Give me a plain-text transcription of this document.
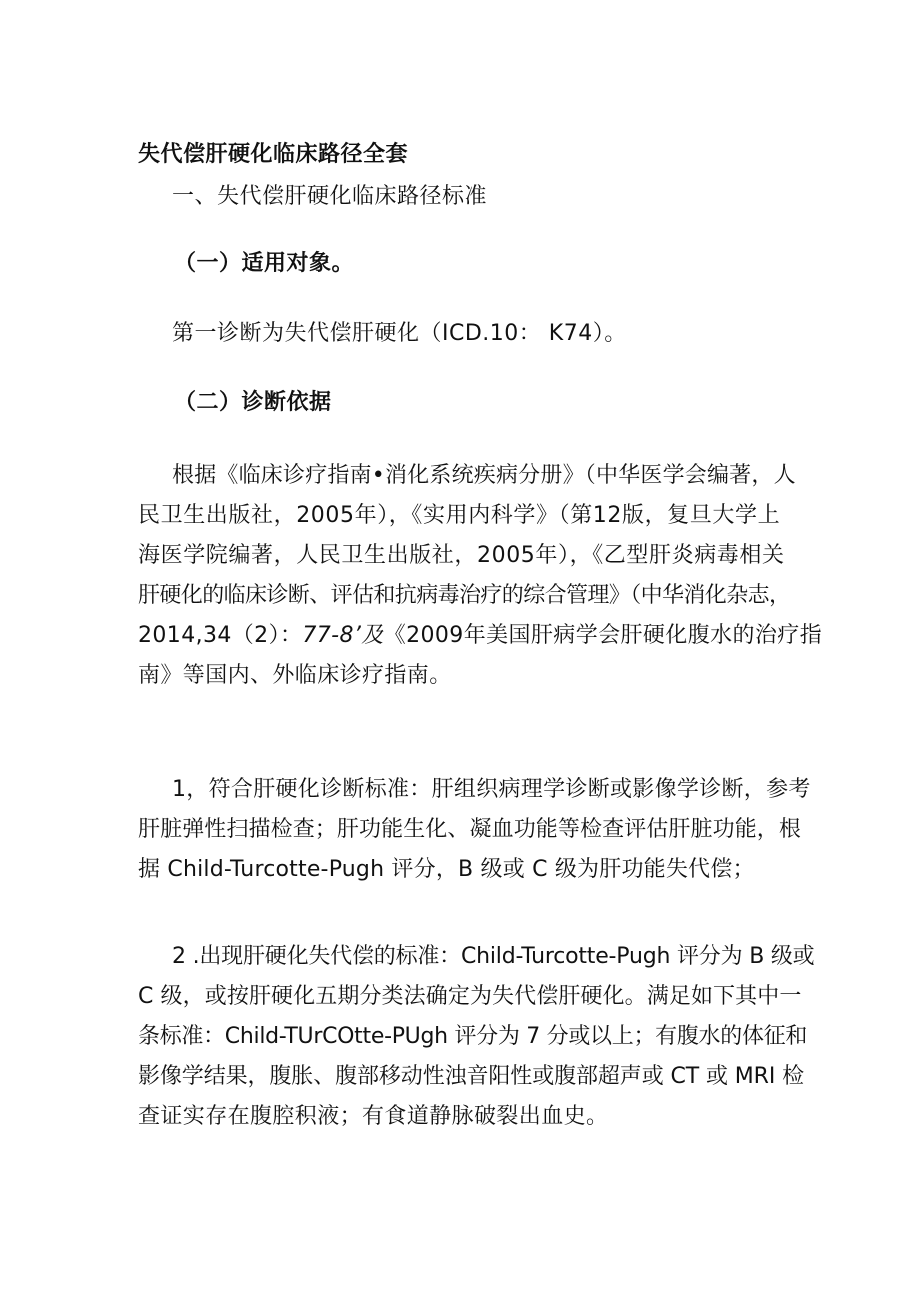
失代偿肝硬化临床路径全套
一、失代偿肝硬化临床路径标准
（一）适用对象。
第一诊断为失代偿肝硬化（ICD.10： K74）。
（二）诊断依据
根据《临床诊疗指南•消化系统疾病分册》（中华医学会编著，人
民卫生出版社，2005年），《实用内科学》（第12版，复旦大学上
海医学院编著，人民卫生出版社，2005年），《乙型肝炎病毒相关
肝硬化的临床诊断、评估和抗病毒治疗的综合管理》（中华消化杂志，
2014,34（2）：77-8’及《2009年美国肝病学会肝硬化腹水的治疗指
南》等国内、外临床诊疗指南。
1，符合肝硬化诊断标准：肝组织病理学诊断或影像学诊断，参考
肝脏弹性扫描检查；肝功能生化、凝血功能等检查评估肝脏功能，根
据 Child-Turcotte-Pugh 评分，B 级或 C 级为肝功能失代偿；
2 .出现肝硬化失代偿的标准：Child-Turcotte-Pugh 评分为 B 级或
C 级，或按肝硬化五期分类法确定为失代偿肝硬化。满足如下其中一
条标准：Child-TUrCOtte-PUgh 评分为 7 分或以上；有腹水的体征和
影像学结果，腹胀、腹部移动性浊音阳性或腹部超声或 CT 或 MRI 检
查证实存在腹腔积液；有食道静脉破裂出血史。
